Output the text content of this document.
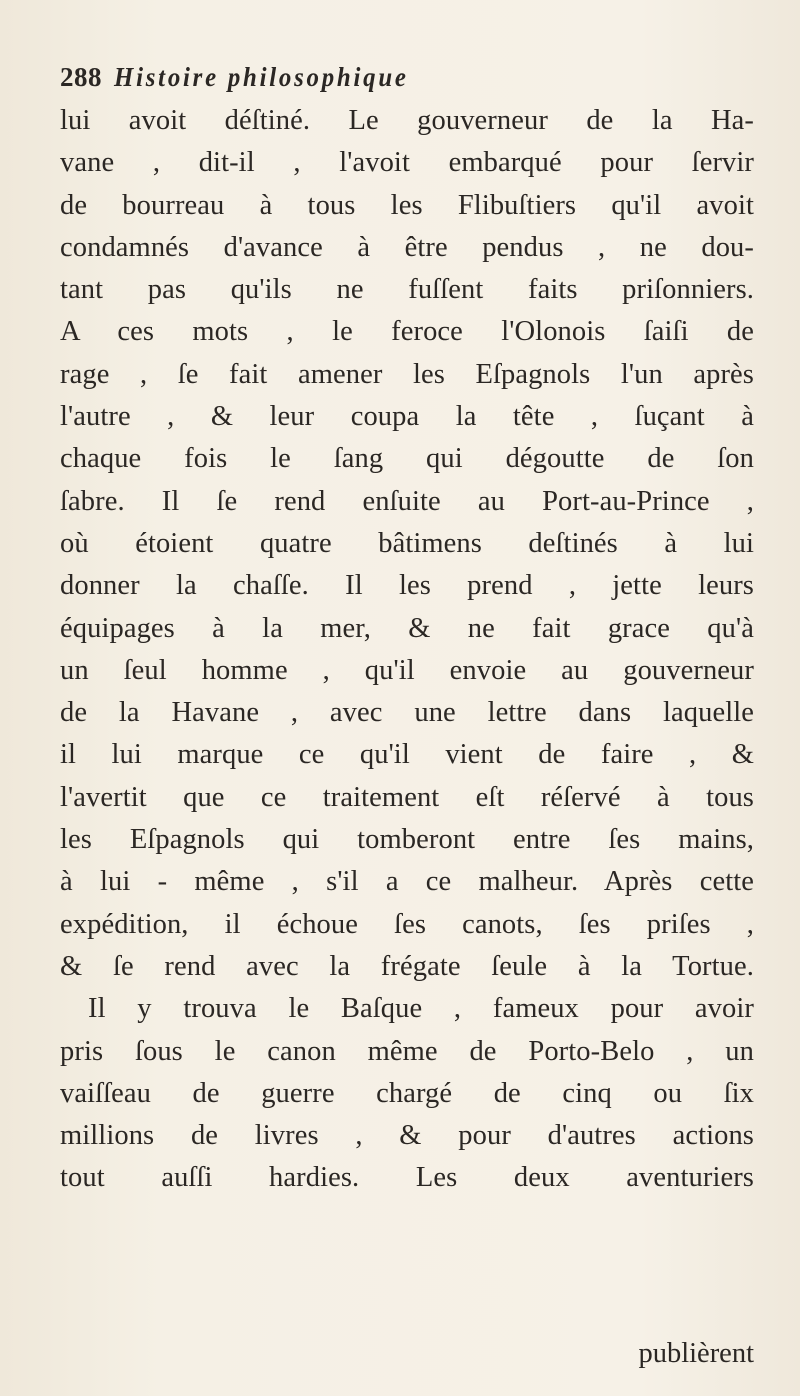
288 Histoire philosophique
lui avoit déſtiné. Le gouverneur de la Ha-
vane , dit-il , l'avoit embarqué pour ſervir
de bourreau à tous les Flibuſtiers qu'il avoit
condamnés d'avance à être pendus , ne dou-
tant pas qu'ils ne fuſſent faits priſonniers.
A ces mots , le feroce l'Olonois ſaiſi de
rage , ſe fait amener les Eſpagnols l'un après
l'autre , & leur coupa la tête , ſuçant à
chaque fois le ſang qui dégoutte de ſon
ſabre. Il ſe rend enſuite au Port-au-Prince ,
où étoient quatre bâtimens deſtinés à lui
donner la chaſſe. Il les prend , jette leurs
équipages à la mer, & ne fait grace qu'à
un ſeul homme , qu'il envoie au gouverneur
de la Havane , avec une lettre dans laquelle
il lui marque ce qu'il vient de faire , &
l'avertit que ce traitement eſt réſervé à tous
les Eſpagnols qui tomberont entre ſes mains,
à lui - même , s'il a ce malheur. Après cette
expédition, il échoue ſes canots, ſes priſes ,
& ſe rend avec la frégate ſeule à la Tortue.
Il y trouva le Baſque , fameux pour avoir
pris ſous le canon même de Porto-Belo , un
vaiſſeau de guerre chargé de cinq ou ſix
millions de livres , & pour d'autres actions
tout auſſi hardies. Les deux aventuriers
publièrent
